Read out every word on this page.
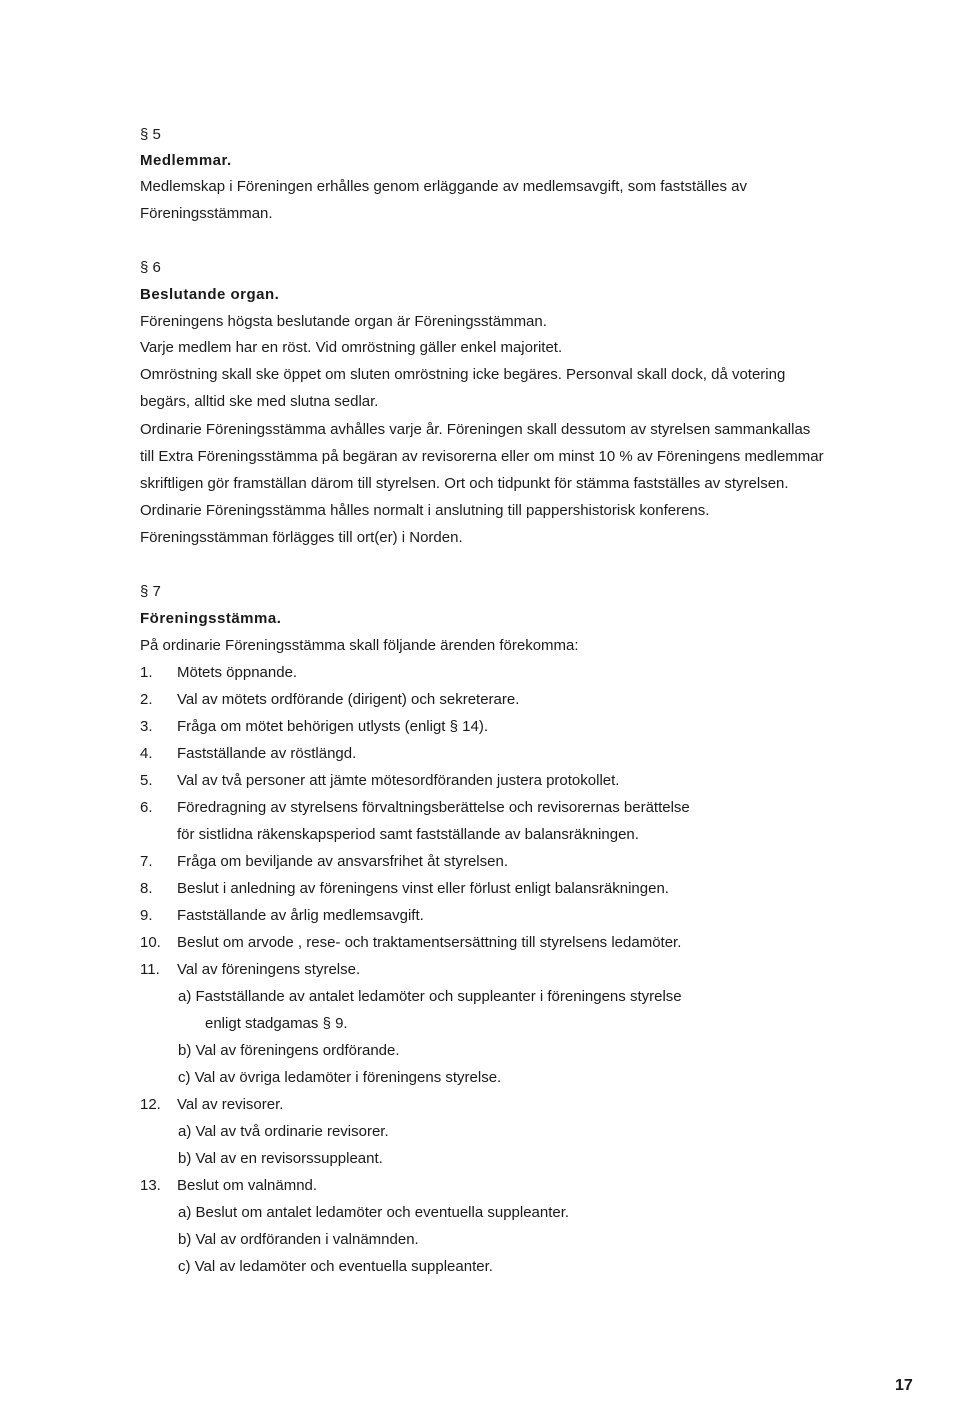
§ 5
Medlemmar.
Medlemskap i Föreningen erhålles genom erläggande av medlemsavgift, som fastställes av
Föreningsstämman.
§ 6
Beslutande organ.
Föreningens högsta beslutande organ är Föreningsstämman.
Varje medlem har en röst. Vid omröstning gäller enkel majoritet.
Omröstning skall ske öppet om sluten omröstning icke begäres. Personval skall dock, då votering
begärs, alltid ske med slutna sedlar.
Ordinarie Föreningsstämma avhålles varje år. Föreningen skall dessutom av styrelsen sammankallas
till Extra Föreningsstämma på begäran av revisorerna eller om minst 10 % av Föreningens medlemmar
skriftligen gör framställan därom till styrelsen. Ort och tidpunkt för stämma fastställes av styrelsen.
Ordinarie Föreningsstämma hålles normalt i anslutning till pappershistorisk konferens.
Föreningsstämman förlägges till ort(er) i Norden.
§ 7
Föreningsstämma.
På ordinarie Föreningsstämma skall följande ärenden förekomma:
1.	Mötets öppnande.
2.	Val av mötets ordförande (dirigent) och sekreterare.
3.	Fråga om mötet behörigen utlysts (enligt § 14).
4.	Fastställande av röstlängd.
5.	Val av två personer att jämte mötesordföranden justera protokollet.
6.	Föredragning av styrelsens förvaltningsberättelse och revisorernas berättelse
för sistlidna räkenskapsperiod samt fastställande av balansräkningen.
7.	Fråga om beviljande av ansvarsfrihet åt styrelsen.
8.	Beslut i anledning av föreningens vinst eller förlust enligt balansräkningen.
9.	Fastställande av årlig medlemsavgift.
10.	Beslut om arvode , rese- och traktamentsersättning till styrelsens ledamöter.
11.	Val av föreningens styrelse.
a) Fastställande av antalet ledamöter och suppleanter i föreningens styrelse
enligt stadgamas § 9.
b) Val av föreningens ordförande.
c) Val av övriga ledamöter i föreningens styrelse.
12.	Val av revisorer.
a) Val av två ordinarie revisorer.
b) Val av en revisorssuppleant.
13.	Beslut om valnämnd.
a) Beslut om antalet ledamöter och eventuella suppleanter.
b) Val av ordföranden i valnämnden.
c) Val av ledamöter och eventuella suppleanter.
17
